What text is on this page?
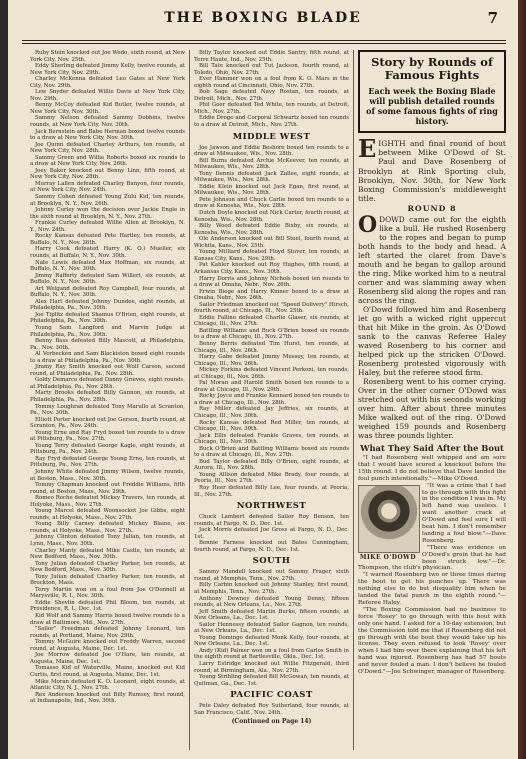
THE BOXING BLADE	7

Ruby Stein knocked out Joe Wedo, sixth round, at New York City, Nov. 25th.

Eddy Sherling defeated Jimmy Kelly, twelve rounds, at New York City, Nov. 29th.

Charley McKenna defeated Leo Gates at New York City, Nov. 29th.

Lew Snyder defeated Willie Davis at New York City, Nov. 29th.

Benny McCoy defeated Kid Butler, twelve rounds, at New York City, Nov. 30th.

Sammy Nelson defeated Sammy Dobbins, twelve rounds, at New York City, Nov. 30th.

Jack Bernstein and Babe Herman boxed twelve rounds to a draw at New York City, Nov. 30th.

Joe Quinn defeated Charley Arthurs, ten rounds, at New York City, Nov. 28th.

Sammy Green and Willie Roberts boxed six rounds to a draw at New York City, Nov. 26th.

Joey Baker knocked out Benny Linn, fifth round, at New York City, Nov. 28th.

Murray Lallen defeated Charley Banyon, four rounds, at New York City, Nov. 24th.

Sammy Cohen defeated Young Zulu Kid, ten rounds, at Brooklyn, N. Y., Nov. 26th.

Johnny Curley won the decision over Jackie Engle in the sixth round at Brooklyn, N. Y., Nov. 27th.

Frankie Curley defeated Willie Allen at Brooklyn, N. Y., Nov. 24th.

Rocky Kansas defeated Pete Hartley, ten rounds, at Buffalo, N. Y., Nov. 26th.

Harry Cook defeated Harry (K. O.) Mueller, six rounds, at Buffalo, N. Y., Nov. 30th.

Nate Lewis defeated Max Hoffman, six rounds, at Buffalo, N. Y., Nov. 30th.

Jimmy Rafferty defeated Sam Willert, six rounds, at Buffalo, N. Y., Nov. 30th.

Art Weigand defeated Roy Campbell, four rounds, at Buffalo, N. Y., Nov. 30th.

Alex Hart defeated Johnny Dundee, eight rounds, at Philadelphia, Pa., Nov. 30th.

Joe Tiplitz defeated Shamus O'Brien, eight rounds, at Philadelphia, Pa., Nov. 30th.

Young Sam Langford and Marvin Judge at Philadelphia, Pa., Nov. 30th.

Benny Bass defeated Billy Mascott, at Philadelphia, Pa., Nov. 30th.

Al Verbecken and Sam Blackiston boxed eight rounds to a draw at Philadelphia, Pa., Nov. 30th.

Jimmy Ray Smith knocked out Wolf Carson, second round, at Philadelphia, Pa., Nov. 28th.

Goldy Demarco defeated Danny Grieves, eight rounds, at Philadelphia, Pa., Nov. 28th.

Marty Brooks defeated Billy Gannon, six rounds, at Philadelphia, Pa., Nov. 28th.

Tommy Loughran defeated Tony Marullo at Scranton, Pa., Nov. 30th.

Elliott Porter knocked out Joe Gerson, fourth round, at Scranton, Pa., Nov. 24th.

Young Erne and Ray Fryd boxed ten rounds to a draw at Pittsburg, Pa., Nov. 27th.

Young Terry defeated George Kagle, eight rounds, at Pittsburg, Pa., Nov. 24th.

Ray Fryd defeated George Young Erne, ten rounds, at Pittsburg, Pa., Nov. 27th.

Johnny White defeated Jimmy Wilson, twelve rounds, at Boston, Mass., Nov. 30th.

Tommy Chapman knocked out Freddie Williams, fifth round, at Boston, Mass., Nov. 29th.

Romeo Roche defeated Mickey Travers, ten rounds, at Holyoke, Mass., Nov. 27th.

Young Marcel defeated Woonsocket Joe Gibbs, eight rounds, at Holyoke, Mass., Nov. 27th.

Young Billy Carney defeated Mickey Blaine, six rounds, at Holyoke, Mass., Nov. 27th.

Johnny Clinton defeated Tony Julian, ten rounds, at Lynn, Mass., Nov. 30th.

Charley Manty defeated Mike Castle, ten rounds, at New Bedford, Mass., Nov. 30th.

Tony Julian defeated Charley Parker, ten rounds, at New Bedford, Mass., Nov. 30th.

Tony Julian defeated Charley Parker, ten rounds, at Brockton, Mass.

Terry Martin won on a foul from Joe O'Donnell at Marysville, R. I., Nov. 30th.

Eddie Shevlin defeated Phil Bloom, ten rounds, at Providence, R. I., Dec. 1st.

Kid Wolf and Sammy Harris boxed twelve rounds to a draw at Baltimore, Md., Nov. 27th.

"Sailor" Freedman defeated Johnny Leonard, ten rounds, at Portland, Maine, Nov. 29th.

Tommy McGuire knocked out Freddy Warren, second round, at Augusta, Maine, Dec. 1st.

Joe Morrow defeated Joe O'Hare, ten rounds, at Augusta, Maine, Dec. 1st.

Tomasso Kid of Waterville, Maine, knocked out Kid Curtis, first round, at Augusta, Maine, Dec. 1st.

Mike Moran defeated K. O. Leonard, eight rounds, at Atlantic City, N. J., Nov. 27th.

Rex Anderson knocked out Billy Rumsey, first round, at Indianapolis, Ind., Nov. 30th.

Billy Taylor knocked out Eddie Santry, fifth round, at Terre Haute, Ind., Nov. 25th.

Bill Tate knocked out Tut Jackson, fourth round, at Toledo, Ohio, Nov. 27th.

Ever Hammer won on a foul from K. O. Mars in the eighth round at Cincinnati, Ohio, Nov. 27th.

Bob Sage defeated Navy Rostan, ten rounds, at Detroit, Mich., Nov. 27th.

Phil Goer defeated Ted White, ten rounds, at Detroit, Mich., Nov. 27th.

Eddie Droge and Corporal Schwartz boxed ten rounds to a draw at Detroit, Mich., Nov. 27th.

MIDDLE WEST

Joe Jawson and Eddie Beshore boxed ten rounds to a draw at Milwaukee, Wis., Nov. 28th.

Bill Burns defeated Archie McKeever, ten rounds, at Milwaukee, Wis., Nov. 28th.

Tony Dennis defeated Jack Zallee, eight rounds, at Milwaukee, Wis., Nov. 28th.

Eddie Klein knocked out Jack Egan, first round, at Milwaukee, Wis., Nov. 28th.

Pete Johnson and Chuck Carlie boxed ten rounds to a draw at Kenosha, Wis., Nov. 28th.

Dutch Doyle knocked out Nick Carter, fourth round, at Kenosha, Wis., Nov. 28th.

Billy Wood defeated Eddie Bixby, six rounds, at Kenosha, Wis., Nov. 28th.

Ole Anderson knocked out Bill Steel, fourth round, at Wichita, Kans., Nov. 25th.

Young Milliard defeated Floyd Stover, ten rounds, at Kansas City, Kans., Nov. 29th.

Pat Kahler knocked out Roy Hughes, fifth round, at Arkansas City, Kans., Nov. 30th.

Harry Dorris and Johnny Nichols boxed ten rounds to a draw at Omaha, Nebr., Nov. 26th.

Erwin Biege and Harry Kinner boxed to a draw at Omaha, Nebr., Nov. 26th.

Sailor Friedman knocked out "Speed Dolivery" Hirsch, fourth round, at Chicago, Ill., Nov. 25th.

Eddie Fallino defeated Charlie Glaser, six rounds, at Chicago, Ill., Nov. 27th.

Battling Williams and Buck O'Brien boxed six rounds to a draw at Chicago, Ill., Nov. 27th.

Benny Berris defeated Tim Hurst, ten rounds, at Chicago, Ill., Nov. 26th.

Harry Gabe defeated Jimmy Mussey, ten rounds, at Chicago, Ill., Nov. 26th.

Mickey Forkins defeated Vincent Perkoni, ten rounds, at Chicago, Ill., Nov. 26th.

Pal Moran and Harold Smith boxed ten rounds to a draw at Chicago, Ill., Nov. 29th.

Rocky Joyce and Frankie Kennard boxed ten rounds to a draw at Chicago, Ill., Nov. 28th.

Ray Miller defeated Jay Jeffries, six rounds, at Chicago, Ill., Nov. 30th.

Rocky Kansas defeated Red Miller, ten rounds, at Chicago, Ill., Nov. 30th.

Jack Ellis defeated Frankie Graves, ten rounds, at Chicago, Ill., Nov. 30th.

Buck O'Brien and Battling Williams boxed six rounds to a draw at Chicago, Ill., Nov. 27th.

Bud Taylor defeated Billy O'Brien, eight rounds, at Aurora, Ill., Nov. 28th.

Young Allison defeated Mike Brady, four rounds, at Peoria, Ill., Nov. 27th.

Roy Heer defeated Billy Lee, four rounds, at Peoria, Ill., Nov. 27th.

NORTHWEST

Chuck Lambert defeated Sailor Roy Benson, ten rounds, at Fargo, N. D., Dec. 1st.

Jack Morris defeated Joe Gross at Fargo, N. D., Dec. 1st.

Bennie Farness knocked out Bates Cunningham, fourth round, at Fargo, N. D., Dec. 1st.

SOUTH

Sammy Mandell knocked out Sammy Frager, sixth round, at Memphis, Tenn., Nov. 27th.

Billy Carbin knocked out Johnny Stanley, first round, at Memphis, Tenn., Nov. 27th.

Anthony Downey defeated Young Denny, fifteen rounds, at New Orleans, La., Nov. 27th.

Jeff Smith defeated Martin Burke, fifteen rounds, at New Orleans, La., Dec. 1st.

Sailor Hennessy defeated Sailor Gagnon, ten rounds, at New Orleans, La., Dec. 1st.

Young Domingo defeated Monk Kelly, four rounds, at New Orleans, La., Dec. 1st.

Andy (Kid) Palmer won on a foul from Carlos Smith in the eighth round at Bartlesville, Okla., Dec. 1st.

Larry Estridge knocked out Willie Fitzgerald, third round, at Birmingham, Ala., Nov. 27th.

Young Stribling defeated Bill McGowan, ten rounds, at Quitman, Ga., Dec. 1st.

PACIFIC COAST

Pete Daley defeated Roy Sutherland, four rounds, at San Francisco, Calif., Nov. 24th.

(Continued on Page 14)
Story by Rounds of Famous Fights
Each week the Boxing Blade will publish detailed rounds of some famous fights of ring history.

EIGHTH and final round of bout between Mike O'Dowd of St. Paul and Dave Rosenberg of Brooklyn at Rink Sporting club, Brooklyn, Nov. 30th, for New York Boxing Commission's middleweight title.

ROUND 8

ODOWD came out for the eighth like a bull. He rushed Rosenberg to the ropes and began to pump both hands to the body and head. A left started the claret from Dave's mouth and he began to gallop around the ring. Mike worked him to a neutral corner and was slamming away when Rosenberg slid along the ropes and ran across the ring.

O'Dowd followed him and Rosenberg let go with a wicked right uppercut that hit Mike in the groin. As O'Dowd sank to the canvas Referee Haley waved Rosenberg to his corner and helped pick up the stricken O'Dowd. Rosenberg protested vigorously with Haley, but the referee stood firm.

Rosenberg went to his corner crying. Over in the other corner O'Dowd was stretched out with his seconds working over him. After about three minutes Mike walked out of the ring. O'Dowd weighed 159 pounds and Rosenberg was three pounds lighter.

What They Said After the Bout

"I had Rosenberg well whipped and am sure that I would have scored a knockout before the 15th round. I do not believe that Dave landed the foul punch intentionally."—Mike O'Dowd.

MIKE O'DOWD

"It was a crime that I had to go through with this fight in the condition I was in. My left hand was useless. I want another crack at O'Dowd and feel sure I will beat him. I don't remember landing a foul blow."—Dave Rosenberg.

"There was evidence on O'Dowd's groin that he had been struck low."—Dr. Thompson, the club's physician.

"I warned Rosenberg two or three times during the bout to get his punches up. There was nothing else to do but disqualify him when he landed the fatal punch in the eighth round."—Referee Haley.

"The Boxing Commission had no business to force 'Rosey' to go through with this bout with only one hand. I asked for a 10-day extension, but the Commission told me that if Rosenberg did not go through with the bout they would take up his license. They even refused to look 'Rosey' over when I had him over there explaining that his left hand was injured. Rosenberg has had 57 bouts and never fouled a man. I don't believe he fouled O'Dowd."—Joe Schwinger, manager of Rosenberg.
